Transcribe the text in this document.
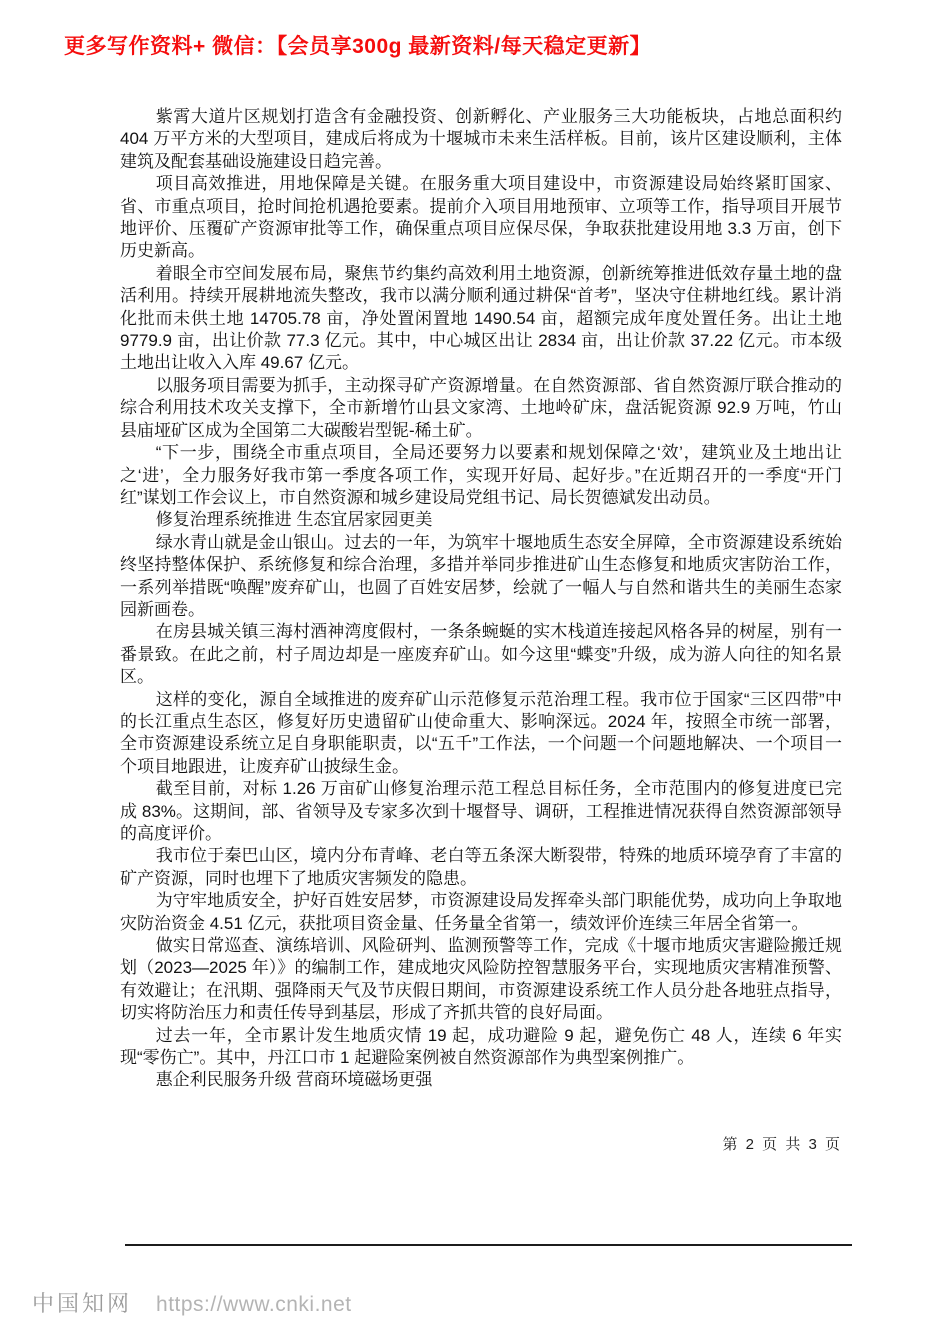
更多写作资料+ 微信：【会员享300g 最新资料/每天稳定更新】

紫霄大道片区规划打造含有金融投资、创新孵化、产业服务三大功能板块，占地总面积约 404 万平方米的大型项目，建成后将成为十堰城市未来生活样板。目前，该片区建设顺利，主体建筑及配套基础设施建设日趋完善。

项目高效推进，用地保障是关键。在服务重大项目建设中，市资源建设局始终紧盯国家、省、市重点项目，抢时间抢机遇抢要素。提前介入项目用地预审、立项等工作，指导项目开展节地评价、压覆矿产资源审批等工作，确保重点项目应保尽保，争取获批建设用地 3.3 万亩，创下历史新高。

着眼全市空间发展布局，聚焦节约集约高效利用土地资源，创新统筹推进低效存量土地的盘活利用。持续开展耕地流失整改，我市以满分顺利通过耕保“首考”，坚决守住耕地红线。累计消化批而未供土地 14705.78 亩，净处置闲置地 1490.54 亩，超额完成年度处置任务。出让土地 9779.9 亩，出让价款 77.3 亿元。其中，中心城区出让 2834 亩，出让价款 37.22 亿元。市本级土地出让收入入库 49.67 亿元。

以服务项目需要为抓手，主动探寻矿产资源增量。在自然资源部、省自然资源厅联合推动的综合利用技术攻关支撑下，全市新增竹山县文家湾、土地岭矿床，盘活铌资源 92.9 万吨，竹山县庙垭矿区成为全国第二大碳酸岩型铌-稀土矿。

“下一步，围绕全市重点项目，全局还要努力以要素和规划保障之‘效’，建筑业及土地出让之‘进’，全力服务好我市第一季度各项工作，实现开好局、起好步。”在近期召开的一季度“开门红”谋划工作会议上，市自然资源和城乡建设局党组书记、局长贺德斌发出动员。

修复治理系统推进 生态宜居家园更美

绿水青山就是金山银山。过去的一年，为筑牢十堰地质生态安全屏障，全市资源建设系统始终坚持整体保护、系统修复和综合治理，多措并举同步推进矿山生态修复和地质灾害防治工作，一系列举措既“唤醒”废弃矿山，也圆了百姓安居梦，绘就了一幅人与自然和谐共生的美丽生态家园新画卷。

在房县城关镇三海村酒神湾度假村，一条条蜿蜒的实木栈道连接起风格各异的树屋，别有一番景致。在此之前，村子周边却是一座废弃矿山。如今这里“蝶变”升级，成为游人向往的知名景区。

这样的变化，源自全域推进的废弃矿山示范修复示范治理工程。我市位于国家“三区四带”中的长江重点生态区，修复好历史遗留矿山使命重大、影响深远。2024 年，按照全市统一部署，全市资源建设系统立足自身职能职责，以“五千”工作法，一个问题一个问题地解决、一个项目一个项目地跟进，让废弃矿山披绿生金。

截至目前，对标 1.26 万亩矿山修复治理示范工程总目标任务，全市范围内的修复进度已完成 83%。这期间，部、省领导及专家多次到十堰督导、调研，工程推进情况获得自然资源部领导的高度评价。

我市位于秦巴山区，境内分布青峰、老白等五条深大断裂带，特殊的地质环境孕育了丰富的矿产资源，同时也埋下了地质灾害频发的隐患。

为守牢地质安全，护好百姓安居梦，市资源建设局发挥牵头部门职能优势，成功向上争取地灾防治资金 4.51 亿元，获批项目资金量、任务量全省第一，绩效评价连续三年居全省第一。

做实日常巡查、演练培训、风险研判、监测预警等工作，完成《十堰市地质灾害避险搬迁规划（2023—2025 年）》的编制工作，建成地灾风险防控智慧服务平台，实现地质灾害精准预警、有效避让；在汛期、强降雨天气及节庆假日期间，市资源建设系统工作人员分赴各地驻点指导，切实将防治压力和责任传导到基层，形成了齐抓共管的良好局面。

过去一年，全市累计发生地质灾情 19 起，成功避险 9 起，避免伤亡 48 人，连续 6 年实现“零伤亡”。其中，丹江口市 1 起避险案例被自然资源部作为典型案例推广。

惠企利民服务升级 营商环境磁场更强

第 2 页 共 3 页
中国知网 https://www.cnki.net
